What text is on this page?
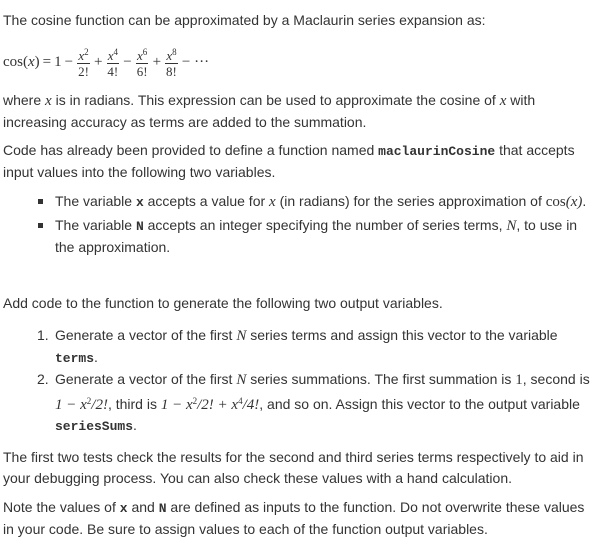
The cosine function can be approximated by a Maclaurin series expansion as:

cos ( x ) = $1 - \frac{x^2}{2!} + \frac{x^4}{4!} - \frac{x^6}{6!} + \frac{x^8}{8!}$ − ···

where x is in radians. This expression can be used to approximate the cosine of x with increasing accuracy as terms are added to the summation.

Code has already been provided to define a function named maclaurinCosine that accepts input values into the following two variables.

The variable x accepts a value for x (in radians) for the series approximation of cos(x).
The variable N accepts an integer specifying the number of series terms, N, to use in the approximation.

Add code to the function to generate the following two output variables.

1. Generate a vector of the first N series terms and assign this vector to the variable terms.
2. Generate a vector of the first N series summations. The first summation is 1, second is $1 - x^2/2$!, third is $1 - x^2/2$! + $x^4/4$!, and so on. Assign this vector to the output variable seriesSums.

The first two tests check the results for the second and third series terms respectively to aid in your debugging process. You can also check these values with a hand calculation.

Note the values of x and N are defined as inputs to the function. Do not overwrite these values in your code. Be sure to assign values to each of the function output variables.
